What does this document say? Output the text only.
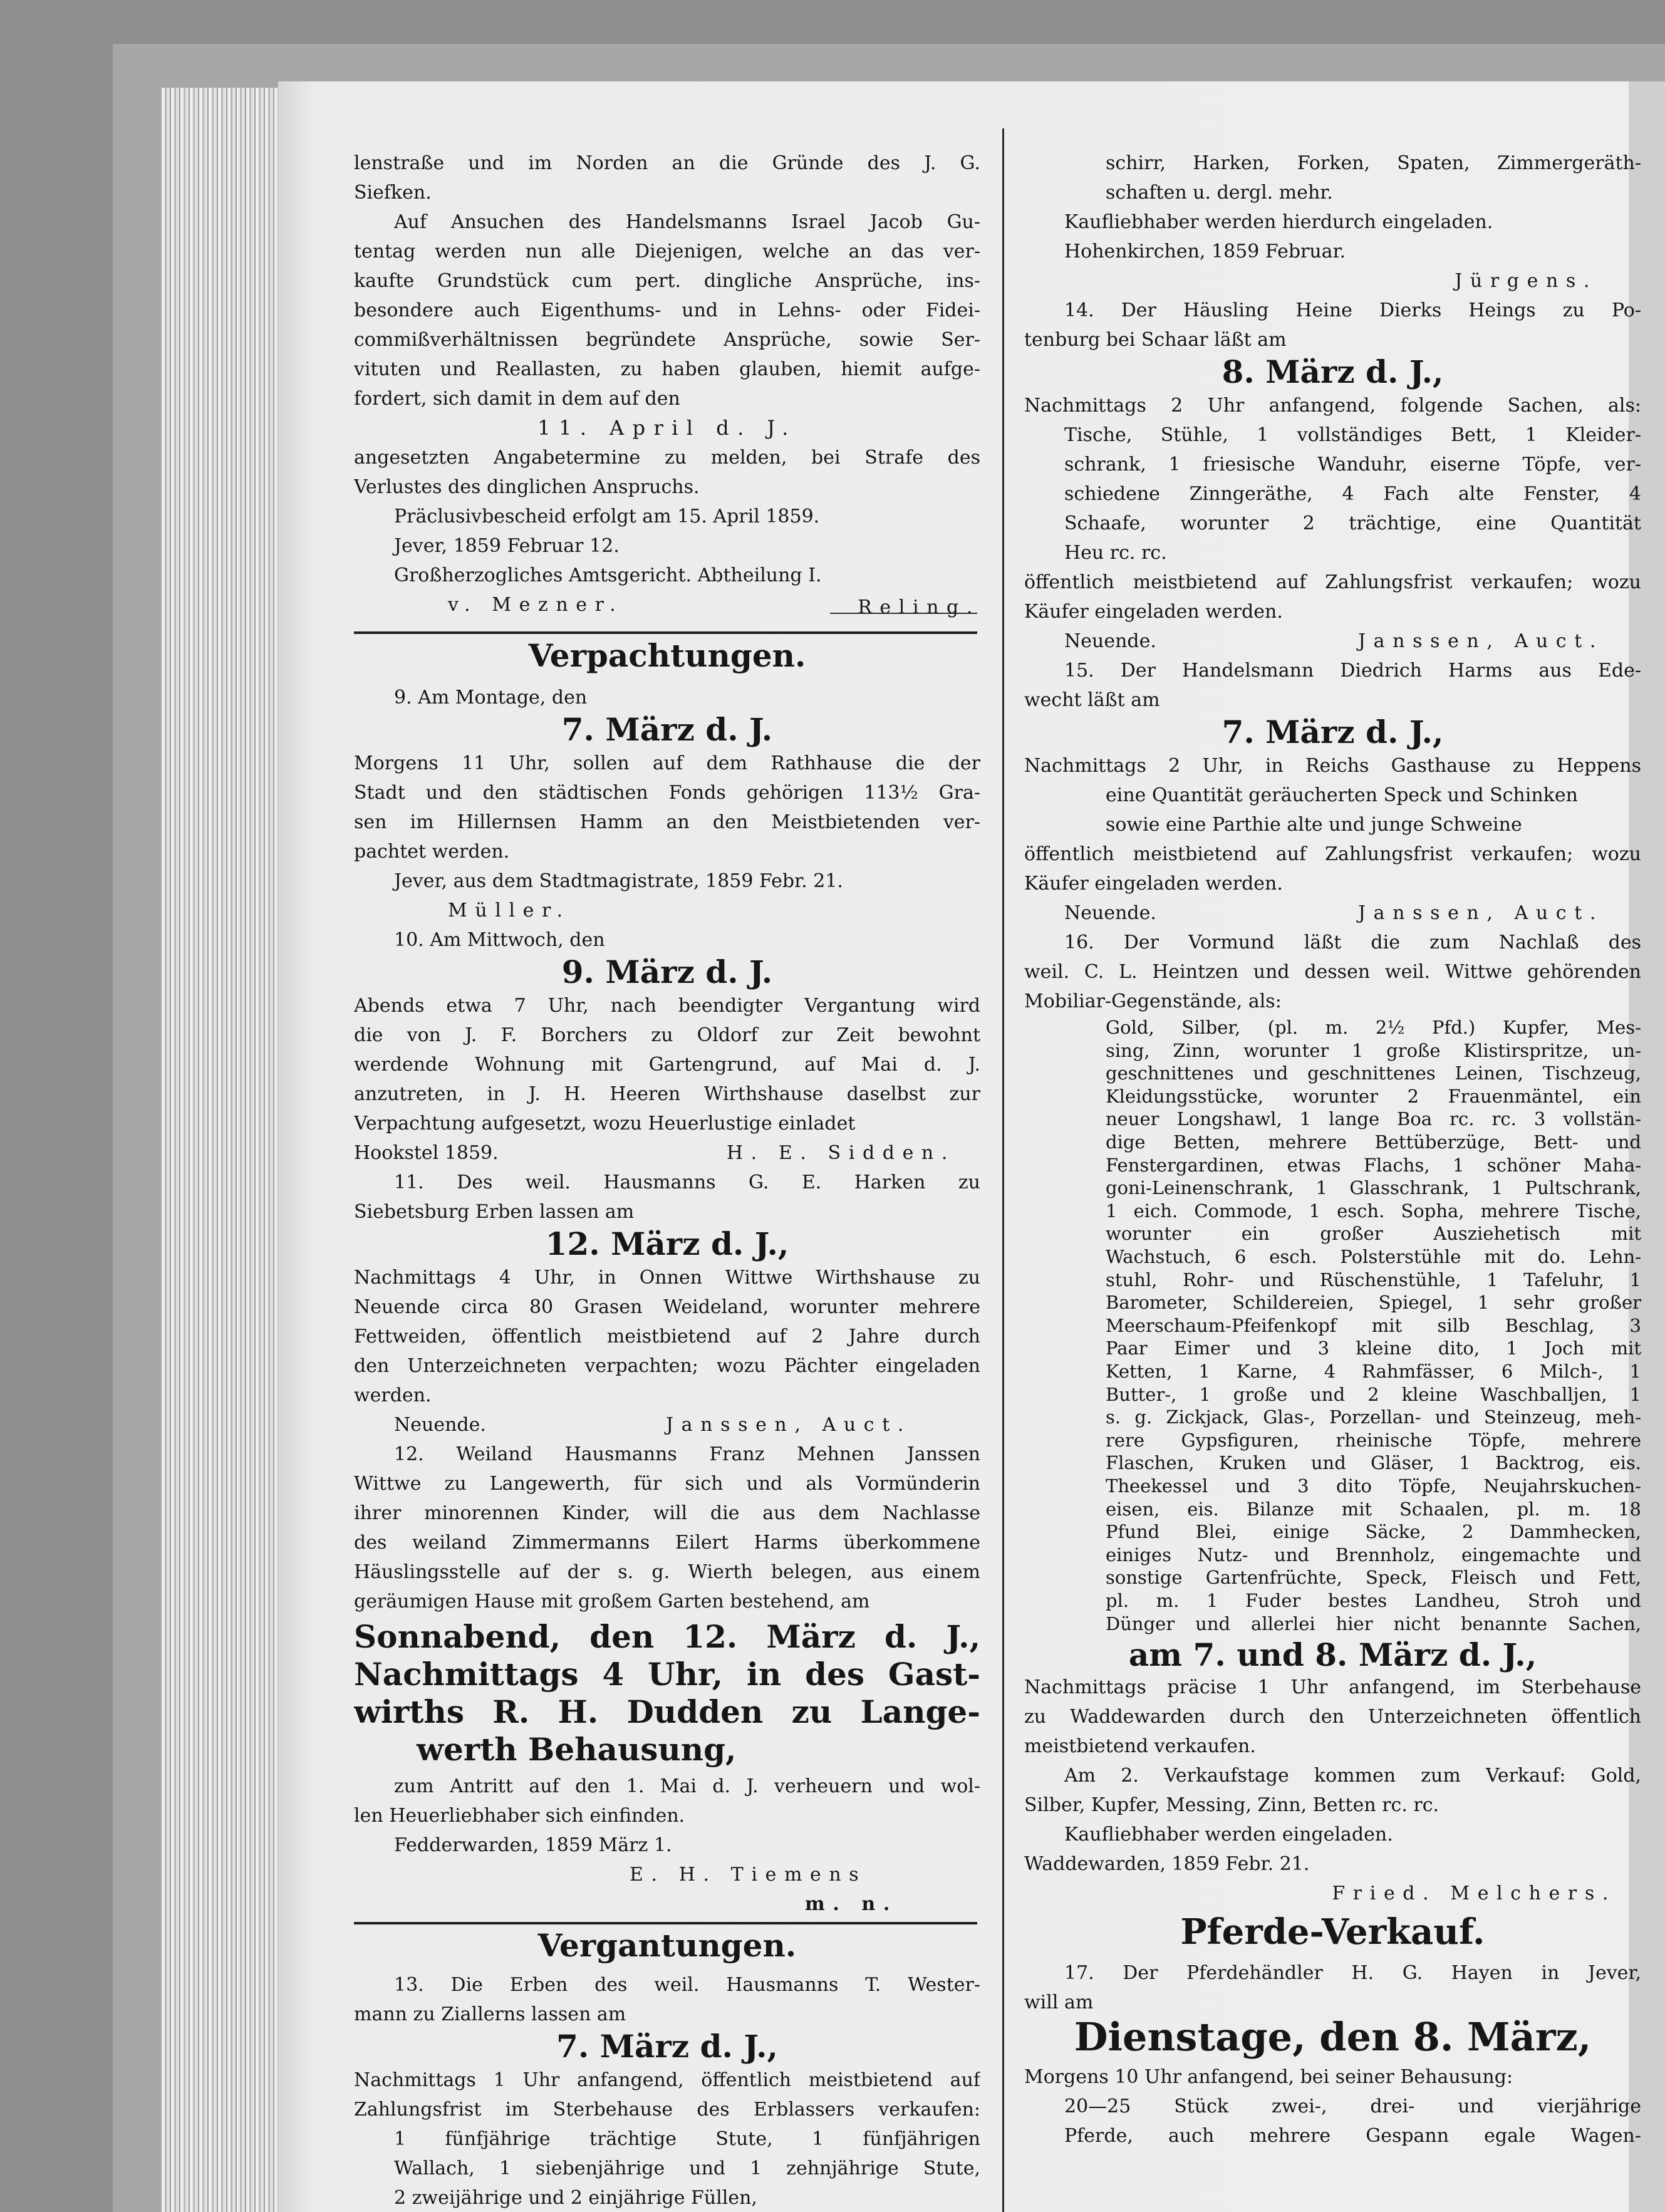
lenstraße und im Norden an die Gründe des J. G.
Siefken.
Auf Ansuchen des Handelsmanns Israel Jacob Gu-
tentag werden nun alle Diejenigen, welche an das ver-
kaufte Grundstück cum pert. dingliche Ansprüche, ins-
besondere auch Eigenthums- und in Lehns- oder Fidei-
commißverhältnissen begründete Ansprüche, sowie Ser-
vituten und Reallasten, zu haben glauben, hiemit aufge-
fordert, sich damit in dem auf den
11. April d. J.
angesetzten Angabetermine zu melden, bei Strafe des
Verlustes des dinglichen Anspruchs.
Präclusivbescheid erfolgt am 15. April 1859.
Jever, 1859 Februar 12.
Großherzogliches Amtsgericht. Abtheilung I.
v. Mezner.	Reling.
Verpachtungen.
9. Am Montage, den
7. März d. J.
Morgens 11 Uhr, sollen auf dem Rathhause die der
Stadt und den städtischen Fonds gehörigen 113½ Gra-
sen im Hillernsen Hamm an den Meistbietenden ver-
pachtet werden.
Jever, aus dem Stadtmagistrate, 1859 Febr. 21.
Müller.
10. Am Mittwoch, den
9. März d. J.
Abends etwa 7 Uhr, nach beendigter Vergantung wird
die von J. F. Borchers zu Oldorf zur Zeit bewohnt
werdende Wohnung mit Gartengrund, auf Mai d. J.
anzutreten, in J. H. Heeren Wirthshause daselbst zur
Verpachtung aufgesetzt, wozu Heuerlustige einladet
Hookstel 1859.	H. E. Sidden.
11. Des weil. Hausmanns G. E. Harken zu
Siebetsburg Erben lassen am
12. März d. J.,
Nachmittags 4 Uhr, in Onnen Wittwe Wirthshause zu
Neuende circa 80 Grasen Weideland, worunter mehrere
Fettweiden, öffentlich meistbietend auf 2 Jahre durch
den Unterzeichneten verpachten; wozu Pächter eingeladen
werden.
Neuende.	Janssen, Auct.
12. Weiland Hausmanns Franz Mehnen Janssen
Wittwe zu Langewerth, für sich und als Vormünderin
ihrer minorennen Kinder, will die aus dem Nachlasse
des weiland Zimmermanns Eilert Harms überkommene
Häuslingsstelle auf der s. g. Wierth belegen, aus einem
geräumigen Hause mit großem Garten bestehend, am
Sonnabend, den 12. März d. J.,
Nachmittags 4 Uhr, in des Gast-
wirths R. H. Dudden zu Lange-
werth Behausung,
zum Antritt auf den 1. Mai d. J. verheuern und wol-
len Heuerliebhaber sich einfinden.
Fedderwarden, 1859 März 1.
E. H. Tiemens
m. n.
Vergantungen.
13. Die Erben des weil. Hausmanns T. Wester-
mann zu Ziallerns lassen am
7. März d. J.,
Nachmittags 1 Uhr anfangend, öffentlich meistbietend auf
Zahlungsfrist im Sterbehause des Erblassers verkaufen:
1 fünfjährige trächtige Stute, 1 fünfjährigen
Wallach, 1 siebenjährige und 1 zehnjährige Stute,
2 zweijährige und 2 einjährige Füllen,
schirr, Harken, Forken, Spaten, Zimmergeräth-
schaften u. dergl. mehr.
Kaufliebhaber werden hierdurch eingeladen.
Hohenkirchen, 1859 Februar.
Jürgens.
14. Der Häusling Heine Dierks Heings zu Po-
tenburg bei Schaar läßt am
8. März d. J.,
Nachmittags 2 Uhr anfangend, folgende Sachen, als:
Tische, Stühle, 1 vollständiges Bett, 1 Kleider-
schrank, 1 friesische Wanduhr, eiserne Töpfe, ver-
schiedene Zinngeräthe, 4 Fach alte Fenster, 4
Schaafe, worunter 2 trächtige, eine Quantität
Heu rc. rc.
öffentlich meistbietend auf Zahlungsfrist verkaufen; wozu
Käufer eingeladen werden.
Neuende.	Janssen, Auct.
15. Der Handelsmann Diedrich Harms aus Ede-
wecht läßt am
7. März d. J.,
Nachmittags 2 Uhr, in Reichs Gasthause zu Heppens
eine Quantität geräucherten Speck und Schinken
sowie eine Parthie alte und junge Schweine
öffentlich meistbietend auf Zahlungsfrist verkaufen; wozu
Käufer eingeladen werden.
Neuende.	Janssen, Auct.
16. Der Vormund läßt die zum Nachlaß des
weil. C. L. Heintzen und dessen weil. Wittwe gehörenden
Mobiliar-Gegenstände, als:
Gold, Silber, (pl. m. 2½ Pfd.) Kupfer, Mes-
sing, Zinn, worunter 1 große Klistirspritze, un-
geschnittenes und geschnittenes Leinen, Tischzeug,
Kleidungsstücke, worunter 2 Frauenmäntel, ein
neuer Longshawl, 1 lange Boa rc. rc. 3 vollstän-
dige Betten, mehrere Bettüberzüge, Bett- und
Fenstergardinen, etwas Flachs, 1 schöner Maha-
goni-Leinenschrank, 1 Glasschrank, 1 Pultschrank,
1 eich. Commode, 1 esch. Sopha, mehrere Tische,
worunter ein großer Ausziehetisch mit
Wachstuch, 6 esch. Polsterstühle mit do. Lehn-
stuhl, Rohr- und Rüschenstühle, 1 Tafeluhr, 1
Barometer, Schildereien, Spiegel, 1 sehr großer
Meerschaum-Pfeifenkopf mit silb Beschlag, 3
Paar Eimer und 3 kleine dito, 1 Joch mit
Ketten, 1 Karne, 4 Rahmfässer, 6 Milch-, 1
Butter-, 1 große und 2 kleine Waschballjen, 1
s. g. Zickjack, Glas-, Porzellan- und Steinzeug, meh-
rere Gypsfiguren, rheinische Töpfe, mehrere
Flaschen, Kruken und Gläser, 1 Backtrog, eis.
Theekessel und 3 dito Töpfe, Neujahrskuchen-
eisen, eis. Bilanze mit Schaalen, pl. m. 18
Pfund Blei, einige Säcke, 2 Dammhecken,
einiges Nutz- und Brennholz, eingemachte und
sonstige Gartenfrüchte, Speck, Fleisch und Fett,
pl. m. 1 Fuder bestes Landheu, Stroh und
Dünger und allerlei hier nicht benannte Sachen,
am 7. und 8. März d. J.,
Nachmittags präcise 1 Uhr anfangend, im Sterbehause
zu Waddewarden durch den Unterzeichneten öffentlich
meistbietend verkaufen.
Am 2. Verkaufstage kommen zum Verkauf: Gold,
Silber, Kupfer, Messing, Zinn, Betten rc. rc.
Kaufliebhaber werden eingeladen.
Waddewarden, 1859 Febr. 21.
Fried. Melchers.
Pferde-Verkauf.
17. Der Pferdehändler H. G. Hayen in Jever,
will am
Dienstage, den 8. März,
Morgens 10 Uhr anfangend, bei seiner Behausung:
20—25 Stück zwei-, drei- und vierjährige
Pferde, auch mehrere Gespann egale Wagen-
